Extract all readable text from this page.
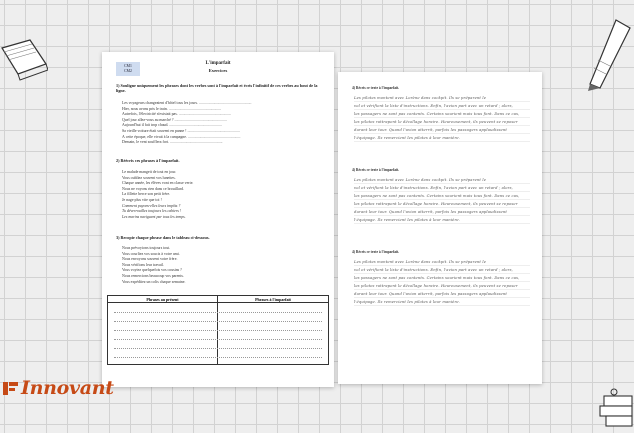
CM1
CM2
L'imparfait
Exercices
1) Souligne uniquement les phrases dont les verbes sont à l'imparfait et écris l'infinitif de ces verbes au bout de la ligne.
Les voyageurs changeaient d'hôtel tous les jours. ......................................................
Hier, nous avons pris le train. ......................................................
Autrefois, l'électricité n'existait pas. ......................................................
Quel jour allez-vous au marché ? ......................................................
Aujourd'hui il fait trop chaud. ......................................................
Sa vieille voiture était souvent en panne ! ......................................................
À cette époque, elle vivait à la campagne. ......................................................
Demain, le vent soufflera fort. ......................................................
2) Réécris ces phrases à l'imparfait.
Le malade mangeit de tout en jour.
Vous oubliez souvent vos lunettes.
Chaque année, les élèves vont en classe verte.
Nous ne voyons rien dans ce brouillard.
La fillette berce son petit frère.
Je nage plus vite que toi !
Comment payons-elles leurs impôts ?
Tu déverrouilles toujours les cahiers !
Les marins naviguent par tous les temps.
3) Recopie chaque phrase dans le tableau ci-dessous.
Nous prévoyions toujours tout.
Vous courliez vos soucis à votre ami.
Nous envoyons souvent votre frère.
Nous vérifions leur travail.
Vous voyiez quelquefois vos cousins ?
Nous remercions beaucoup vos parents.
Vous expédiiez un colis chaque semaine.
Phrases au présent	Phrases à l'imparfait
4) Récris ce texte à l'imparfait.
Les pilotes montent avec Lorène dans cockpit. Ils se préparent le
vol et vérifient la liste d'instructions. Enfin, l'avion part avec un retard ; alors,
les passagers ne sont pas contents. Certains sourient mais tous font. Dans ce cas,
les pilotes rattrapent le décollage horaire. Heureusement, ils peuvent se reposer
durant leur tour. Quand l'avion atterrit, parfois les passagers applaudissent
l'équipage. Ils remercient les pilotes à leur manière.
4) Récris ce texte à l'imparfait.
Les pilotes montent avec Lorène dans cockpit. Ils se préparent le
vol et vérifient la liste d'instructions. Enfin, l'avion part avec un retard ; alors,
les passagers ne sont pas contents. Certains sourient mais tous font. Dans ce cas,
les pilotes rattrapent le décollage horaire. Heureusement, ils peuvent se reposer
durant leur tour. Quand l'avion atterrit, parfois les passagers applaudissent
l'équipage. Ils remercient les pilotes à leur manière.
4) Récris ce texte à l'imparfait.
Les pilotes montent avec Lorène dans cockpit. Ils se préparent le
vol et vérifient la liste d'instructions. Enfin, l'avion part avec un retard ; alors,
les passagers ne sont pas contents. Certains sourient mais tous font. Dans ce cas,
les pilotes rattrapent le décollage horaire. Heureusement, ils peuvent se reposer
durant leur tour. Quand l'avion atterrit, parfois les passagers applaudissent
l'équipage. Ils remercient les pilotes à leur manière.
Innovant
